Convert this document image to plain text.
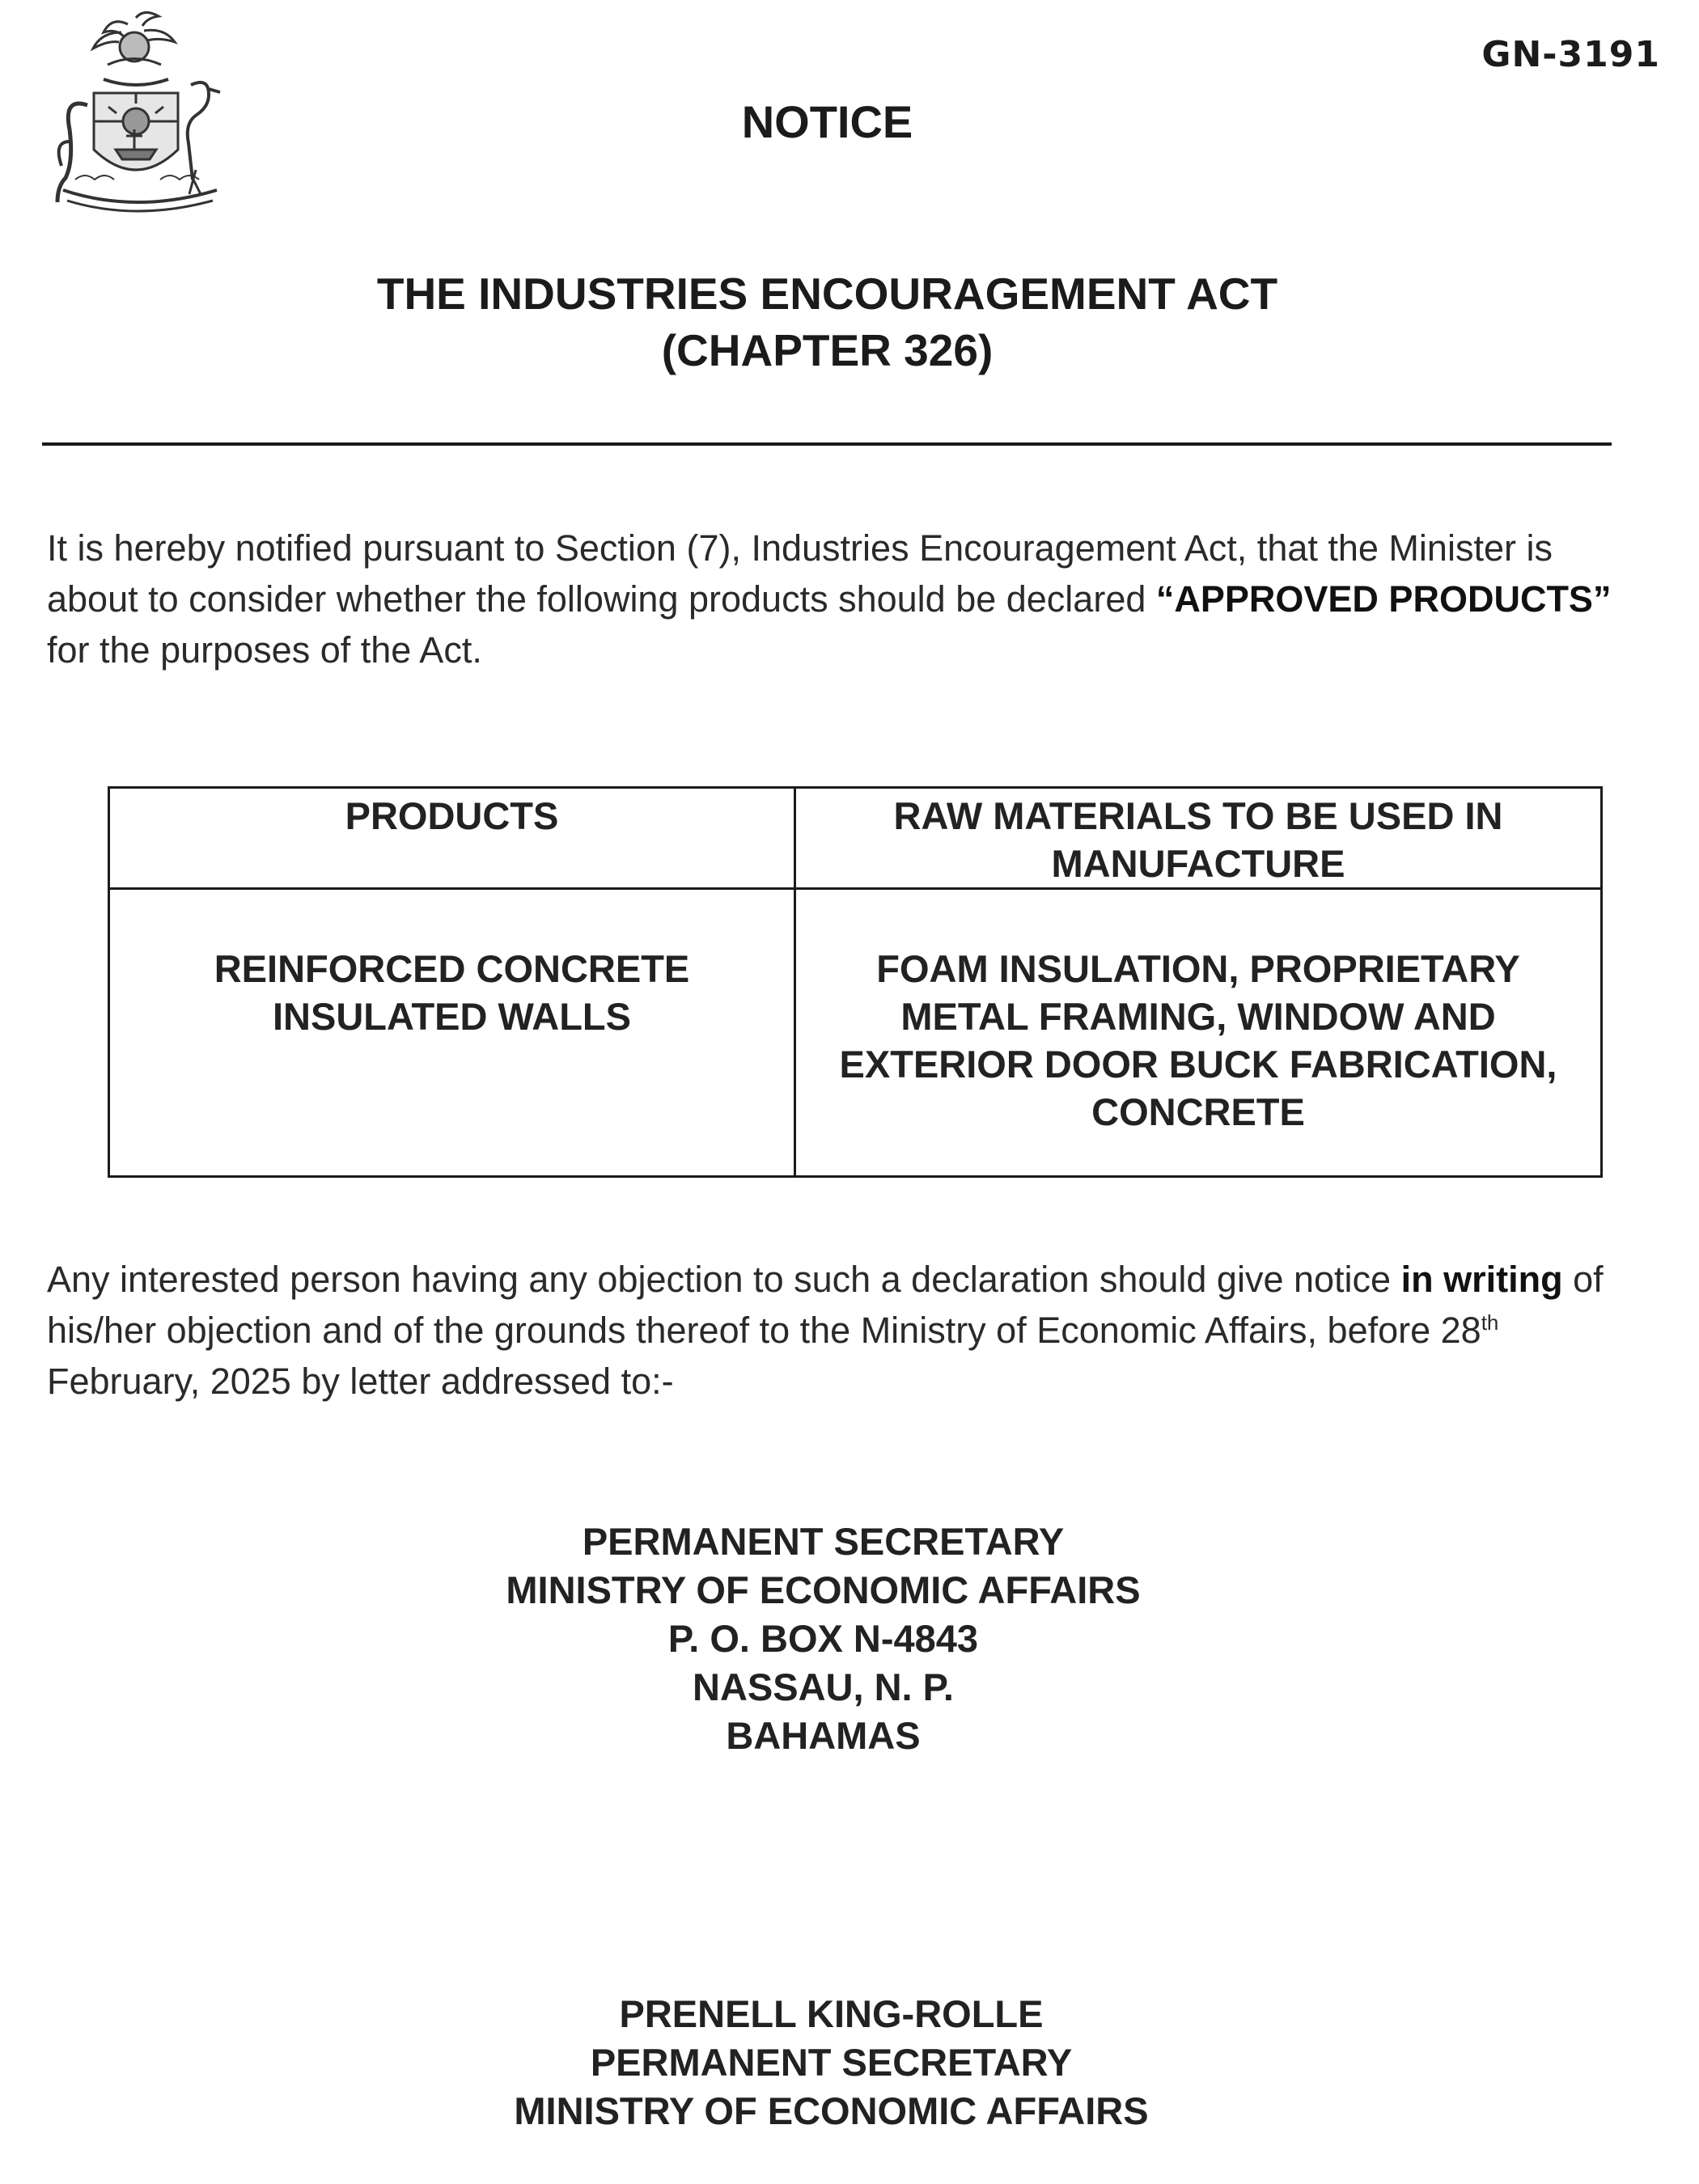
GN-3191
NOTICE
THE INDUSTRIES ENCOURAGEMENT ACT
(CHAPTER 326)
It is hereby notified pursuant to Section (7), Industries Encouragement Act, that the Minister is about to consider whether the following products should be declared “APPROVED PRODUCTS” for the purposes of the Act.
PRODUCTS	RAW MATERIALS TO BE USED IN MANUFACTURE
REINFORCED CONCRETE INSULATED WALLS	FOAM INSULATION, PROPRIETARY METAL FRAMING, WINDOW AND EXTERIOR DOOR BUCK FABRICATION, CONCRETE
Any interested person having any objection to such a declaration should give notice in writing of his/her objection and of the grounds thereof to the Ministry of Economic Affairs, before 28th February, 2025 by letter addressed to:-
PERMANENT SECRETARY
MINISTRY OF ECONOMIC AFFAIRS
P. O. BOX N-4843
NASSAU, N. P.
BAHAMAS
PRENELL KING-ROLLE
PERMANENT SECRETARY
MINISTRY OF ECONOMIC AFFAIRS
